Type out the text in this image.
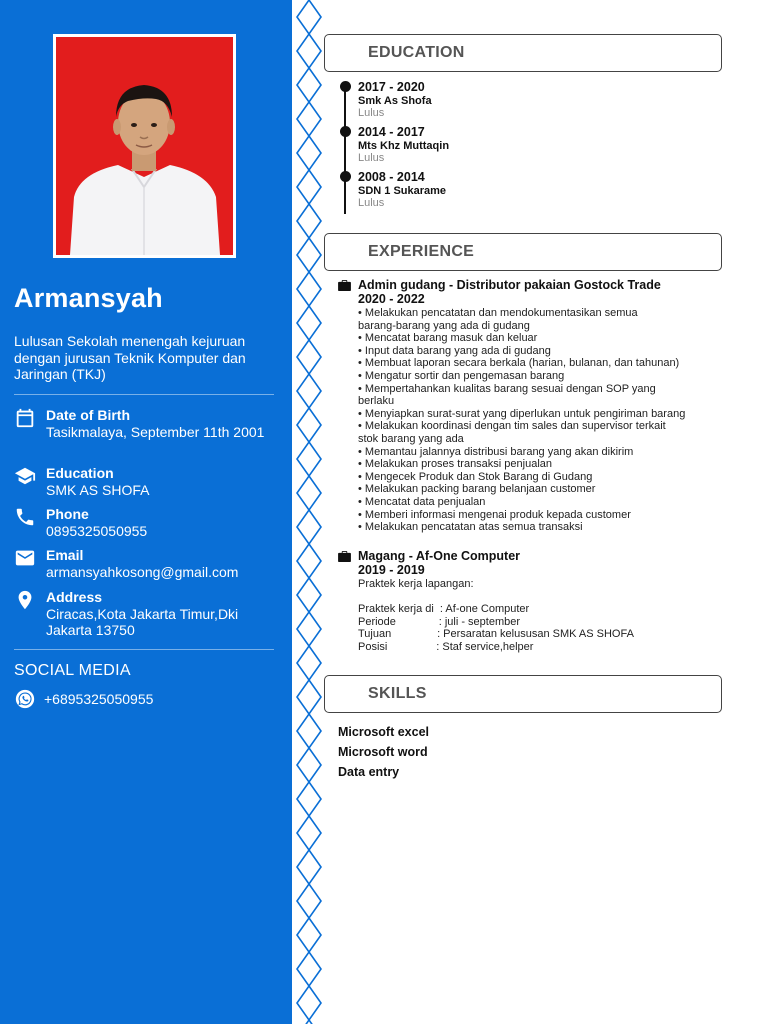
Armansyah
Lulusan Sekolah menengah kejuruan dengan jurusan Teknik Komputer dan Jaringan (TKJ)
Date of Birth
Tasikmalaya, September 11th 2001
Education
SMK AS SHOFA
Phone
0895325050955
Email
armansyahkosong@gmail.com
Address
Ciracas,Kota Jakarta Timur,Dki Jakarta 13750
SOCIAL MEDIA
+6895325050955
EDUCATION
2017 - 2020
Smk As Shofa
Lulus
2014 - 2017
Mts Khz Muttaqin
Lulus
2008 - 2014
SDN 1 Sukarame
Lulus
EXPERIENCE
Admin gudang - Distributor pakaian Gostock Trade
2020 - 2022
• Melakukan pencatatan dan mendokumentasikan semua
barang-barang yang ada di gudang
• Mencatat barang masuk dan keluar
• Input data barang yang ada di gudang
• Membuat laporan secara berkala (harian, bulanan, dan tahunan)
• Mengatur sortir dan pengemasan barang
• Mempertahankan kualitas barang sesuai dengan SOP yang
berlaku
• Menyiapkan surat-surat yang diperlukan untuk pengiriman barang
• Melakukan koordinasi dengan tim sales dan supervisor terkait
stok barang yang ada
• Memantau jalannya distribusi barang yang akan dikirim
• Melakukan proses transaksi penjualan
• Mengecek Produk dan Stok Barang di Gudang
• Melakukan packing barang belanjaan customer
• Mencatat data penjualan
• Memberi informasi mengenai produk kepada customer
• Melakukan pencatatan atas semua transaksi
Magang - Af-One Computer
2019 - 2019
Praktek kerja lapangan:
Praktek kerja di  : Af-one Computer
Periode              : juli - september
Tujuan               : Persaratan kelususan SMK AS SHOFA
Posisi                : Staf service,helper
SKILLS
Microsoft excel
Microsoft word
Data entry
